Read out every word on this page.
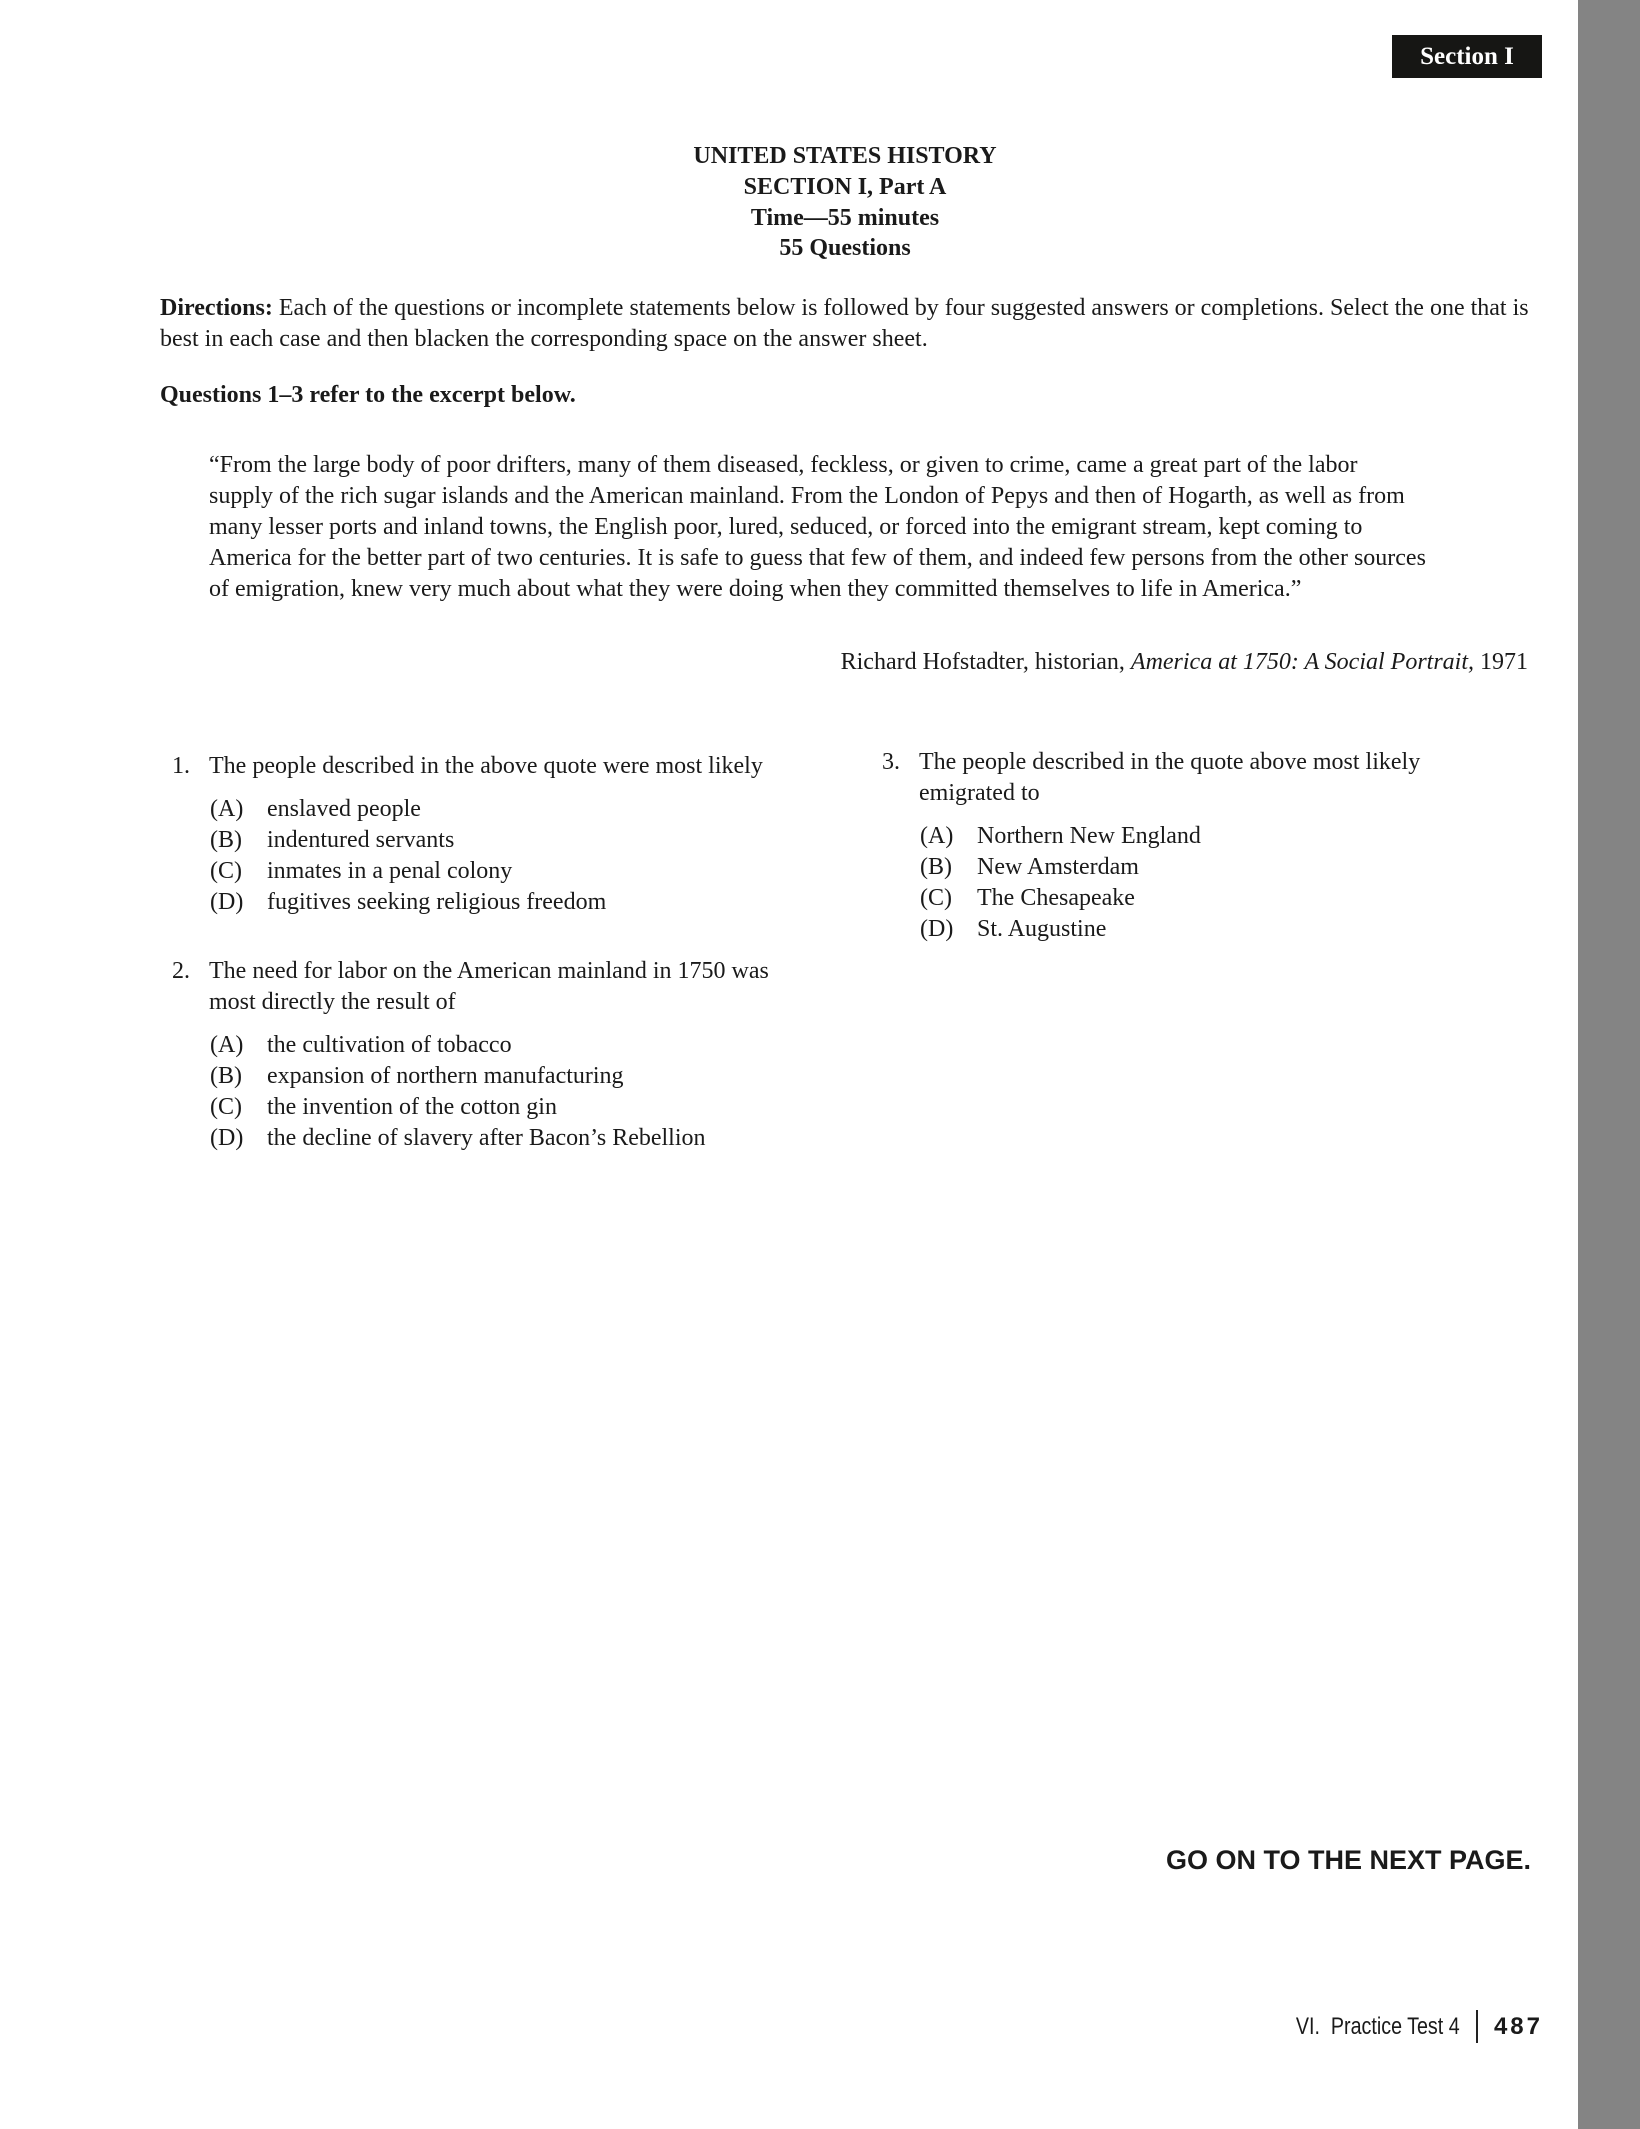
Section I
UNITED STATES HISTORY
SECTION I, Part A
Time—55 minutes
55 Questions
Directions: Each of the questions or incomplete statements below is followed by four suggested answers or completions. Select the one that is best in each case and then blacken the corresponding space on the answer sheet.
Questions 1–3 refer to the excerpt below.
“From the large body of poor drifters, many of them diseased, feckless, or given to crime, came a great part of the labor
supply of the rich sugar islands and the American mainland. From the London of Pepys and then of Hogarth, as well as from
many lesser ports and inland towns, the English poor, lured, seduced, or forced into the emigrant stream, kept coming to
America for the better part of two centuries. It is safe to guess that few of them, and indeed few persons from the other sources
of emigration, knew very much about what they were doing when they committed themselves to life in America.”
Richard Hofstadter, historian, America at 1750: A Social Portrait, 1971
1. The people described in the above quote were most likely
(A) enslaved people
(B) indentured servants
(C) inmates in a penal colony
(D) fugitives seeking religious freedom
2. The need for labor on the American mainland in 1750 was
most directly the result of
(A) the cultivation of tobacco
(B) expansion of northern manufacturing
(C) the invention of the cotton gin
(D) the decline of slavery after Bacon’s Rebellion
3. The people described in the quote above most likely
emigrated to
(A) Northern New England
(B) New Amsterdam
(C) The Chesapeake
(D) St. Augustine
GO ON TO THE NEXT PAGE.
VI.  Practice Test 4 487
